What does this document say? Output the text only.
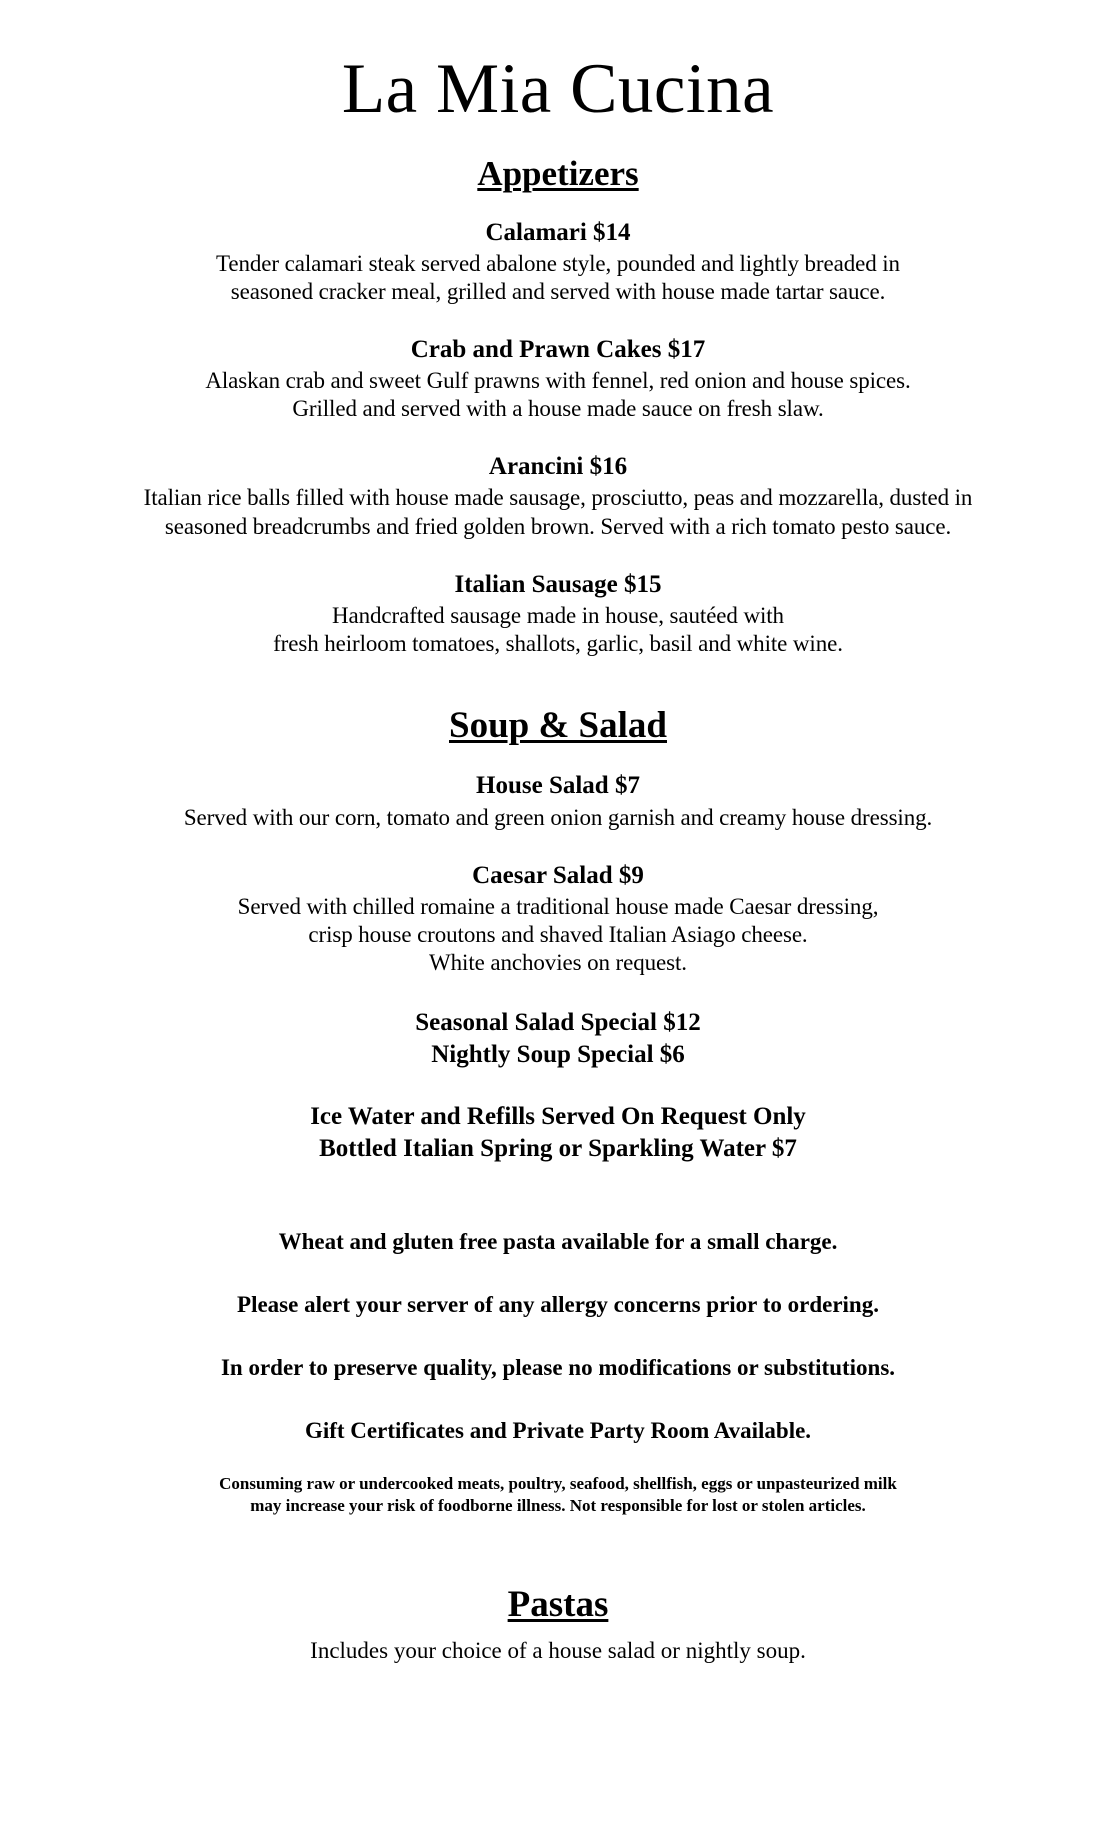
La Mia Cucina
Appetizers

Calamari $14

Tender calamari steak served abalone style, pounded and lightly breaded in
seasoned cracker meal, grilled and served with house made tartar sauce.

Crab and Prawn Cakes $17

Alaskan crab and sweet Gulf prawns with fennel, red onion and house spices.
Grilled and served with a house made sauce on fresh slaw.

Arancini $16

Italian rice balls filled with house made sausage, prosciutto, peas and mozzarella, dusted in
seasoned breadcrumbs and fried golden brown. Served with a rich tomato pesto sauce.

Italian Sausage $15

Handcrafted sausage made in house, sautéed with
fresh heirloom tomatoes, shallots, garlic, basil and white wine.

Soup & Salad

House Salad $7

Served with our corn, tomato and green onion garnish and creamy house dressing.

Caesar Salad $9

Served with chilled romaine a traditional house made Caesar dressing,
crisp house croutons and shaved Italian Asiago cheese.
White anchovies on request.

Seasonal Salad Special $12
Nightly Soup Special $6
Ice Water and Refills Served On Request Only
Bottled Italian Spring or Sparkling Water $7
Wheat and gluten free pasta available for a small charge.
Please alert your server of any allergy concerns prior to ordering.
In order to preserve quality, please no modifications or substitutions.
Gift Certificates and Private Party Room Available.
Consuming raw or undercooked meats, poultry, seafood, shellfish, eggs or unpasteurized milk
may increase your risk of foodborne illness. Not responsible for lost or stolen articles.
Pastas
Includes your choice of a house salad or nightly soup.
